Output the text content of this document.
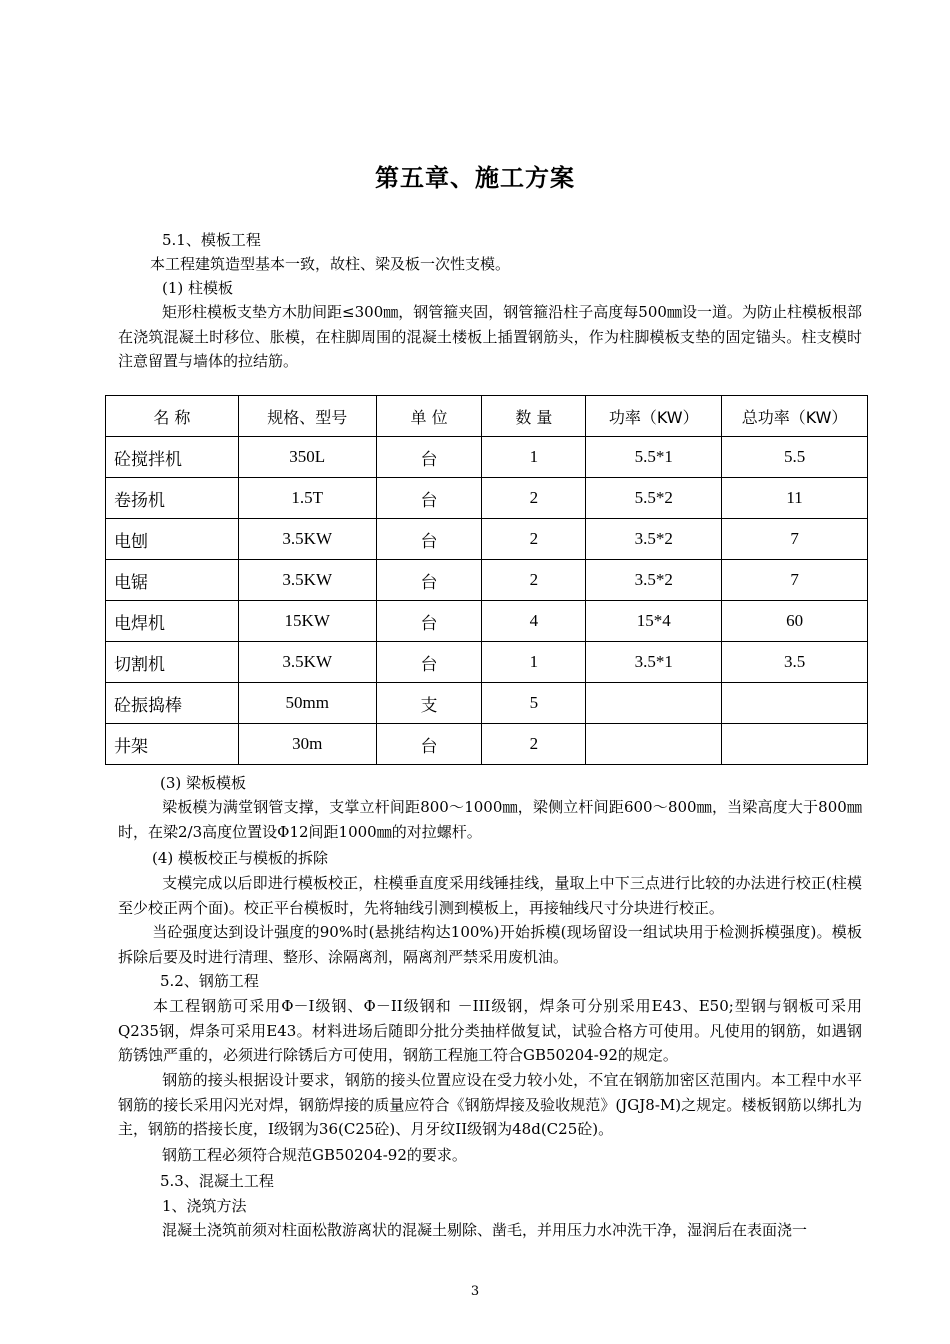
第五章、施工方案
5.1、模板工程
本工程建筑造型基本一致，故柱、梁及板一次性支模。
(1) 柱模板
矩形柱模板支垫方木肋间距≤300㎜，钢管箍夹固，钢管箍沿柱子高度每500㎜设一道。为防止柱模板根部在浇筑混凝土时移位、胀模，在柱脚周围的混凝土楼板上插置钢筋头，作为柱脚模板支垫的固定锚头。柱支模时注意留置与墙体的拉结筋。
名 称	规格、型号	单 位	数 量	功率（KW）	总功率（KW）
砼搅拌机	350L	台	1	5.5*1	5.5
卷扬机	1.5T	台	2	5.5*2	11
电刨	3.5KW	台	2	3.5*2	7
电锯	3.5KW	台	2	3.5*2	7
电焊机	15KW	台	4	15*4	60
切割机	3.5KW	台	1	3.5*1	3.5
砼振捣棒	50mm	支	5		
井架	30m	台	2		
(3) 梁板模板
梁板模为满堂钢管支撑，支掌立杆间距800～1000㎜，梁侧立杆间距600～800㎜，当梁高度大于800㎜时，在梁2/3高度位置设Φ12间距1000㎜的对拉螺杆。
(4) 模板校正与模板的拆除
支模完成以后即进行模板校正，柱模垂直度采用线锤挂线，量取上中下三点进行比较的办法进行校正(柱模至少校正两个面)。校正平台模板时，先将轴线引测到模板上，再接轴线尺寸分块进行校正。
当砼强度达到设计强度的90%时(悬挑结构达100%)开始拆模(现场留设一组试块用于检测拆模强度)。模板拆除后要及时进行清理、整形、涂隔离剂，隔离剂严禁采用废机油。
5.2、钢筋工程
本工程钢筋可采用Φ－I级钢、Φ－II级钢和 －III级钢，焊条可分别采用E43、E50;型钢与钢板可采用Q235钢，焊条可采用E43。材料进场后随即分批分类抽样做复试，试验合格方可使用。凡使用的钢筋，如遇钢筋锈蚀严重的，必须进行除锈后方可使用，钢筋工程施工符合GB50204-92的规定。
钢筋的接头根据设计要求，钢筋的接头位置应设在受力较小处，不宜在钢筋加密区范围内。本工程中水平钢筋的接长采用闪光对焊，钢筋焊接的质量应符合《钢筋焊接及验收规范》(JGJ8-M)之规定。楼板钢筋以绑扎为主，钢筋的搭接长度，I级钢为36(C25砼)、月牙纹II级钢为48d(C25砼)。
钢筋工程必须符合规范GB50204-92的要求。
5.3、混凝土工程
1、浇筑方法
混凝土浇筑前须对柱面松散游离状的混凝土剔除、凿毛，并用压力水冲洗干净，湿润后在表面浇一
3
